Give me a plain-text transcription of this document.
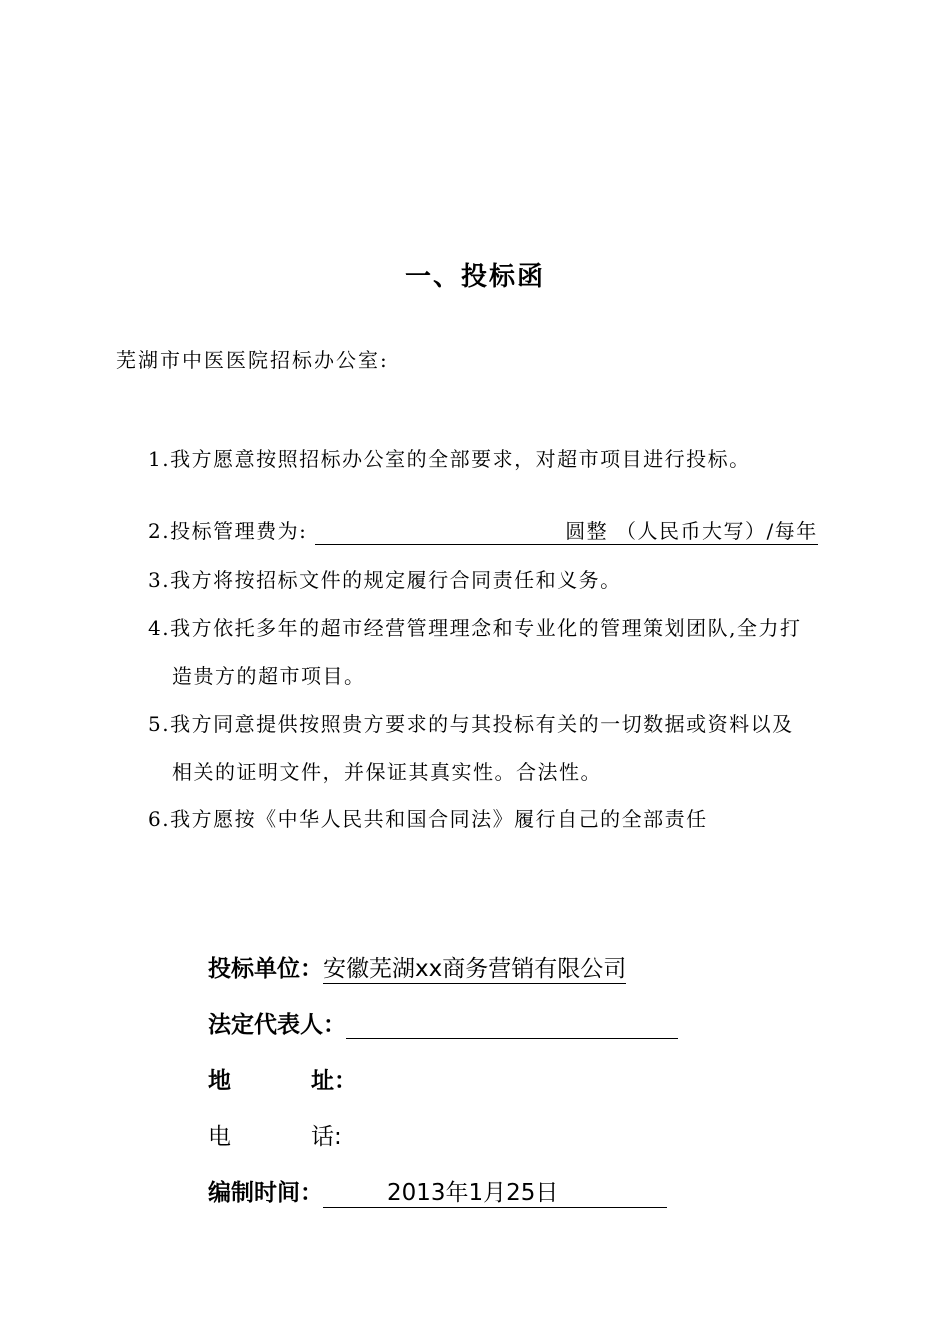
一、投标函
芜湖市中医医院招标办公室:
1.我方愿意按照招标办公室的全部要求，对超市项目进行投标。
2.投标管理费为:	圆整 （人民币大写）/每年
3.我方将按招标文件的规定履行合同责任和义务。
4.我方依托多年的超市经营管理理念和专业化的管理策划团队,全力打
造贵方的超市项目。
5.我方同意提供按照贵方要求的与其投标有关的一切数据或资料以及
相关的证明文件，并保证其真实性。合法性。
6.我方愿按《中华人民共和国合同法》履行自己的全部责任
投标单位：安徽芜湖xx商务营销有限公司
法定代表人：
地	址：
电	话:
编制时间：	2013年1月25日
